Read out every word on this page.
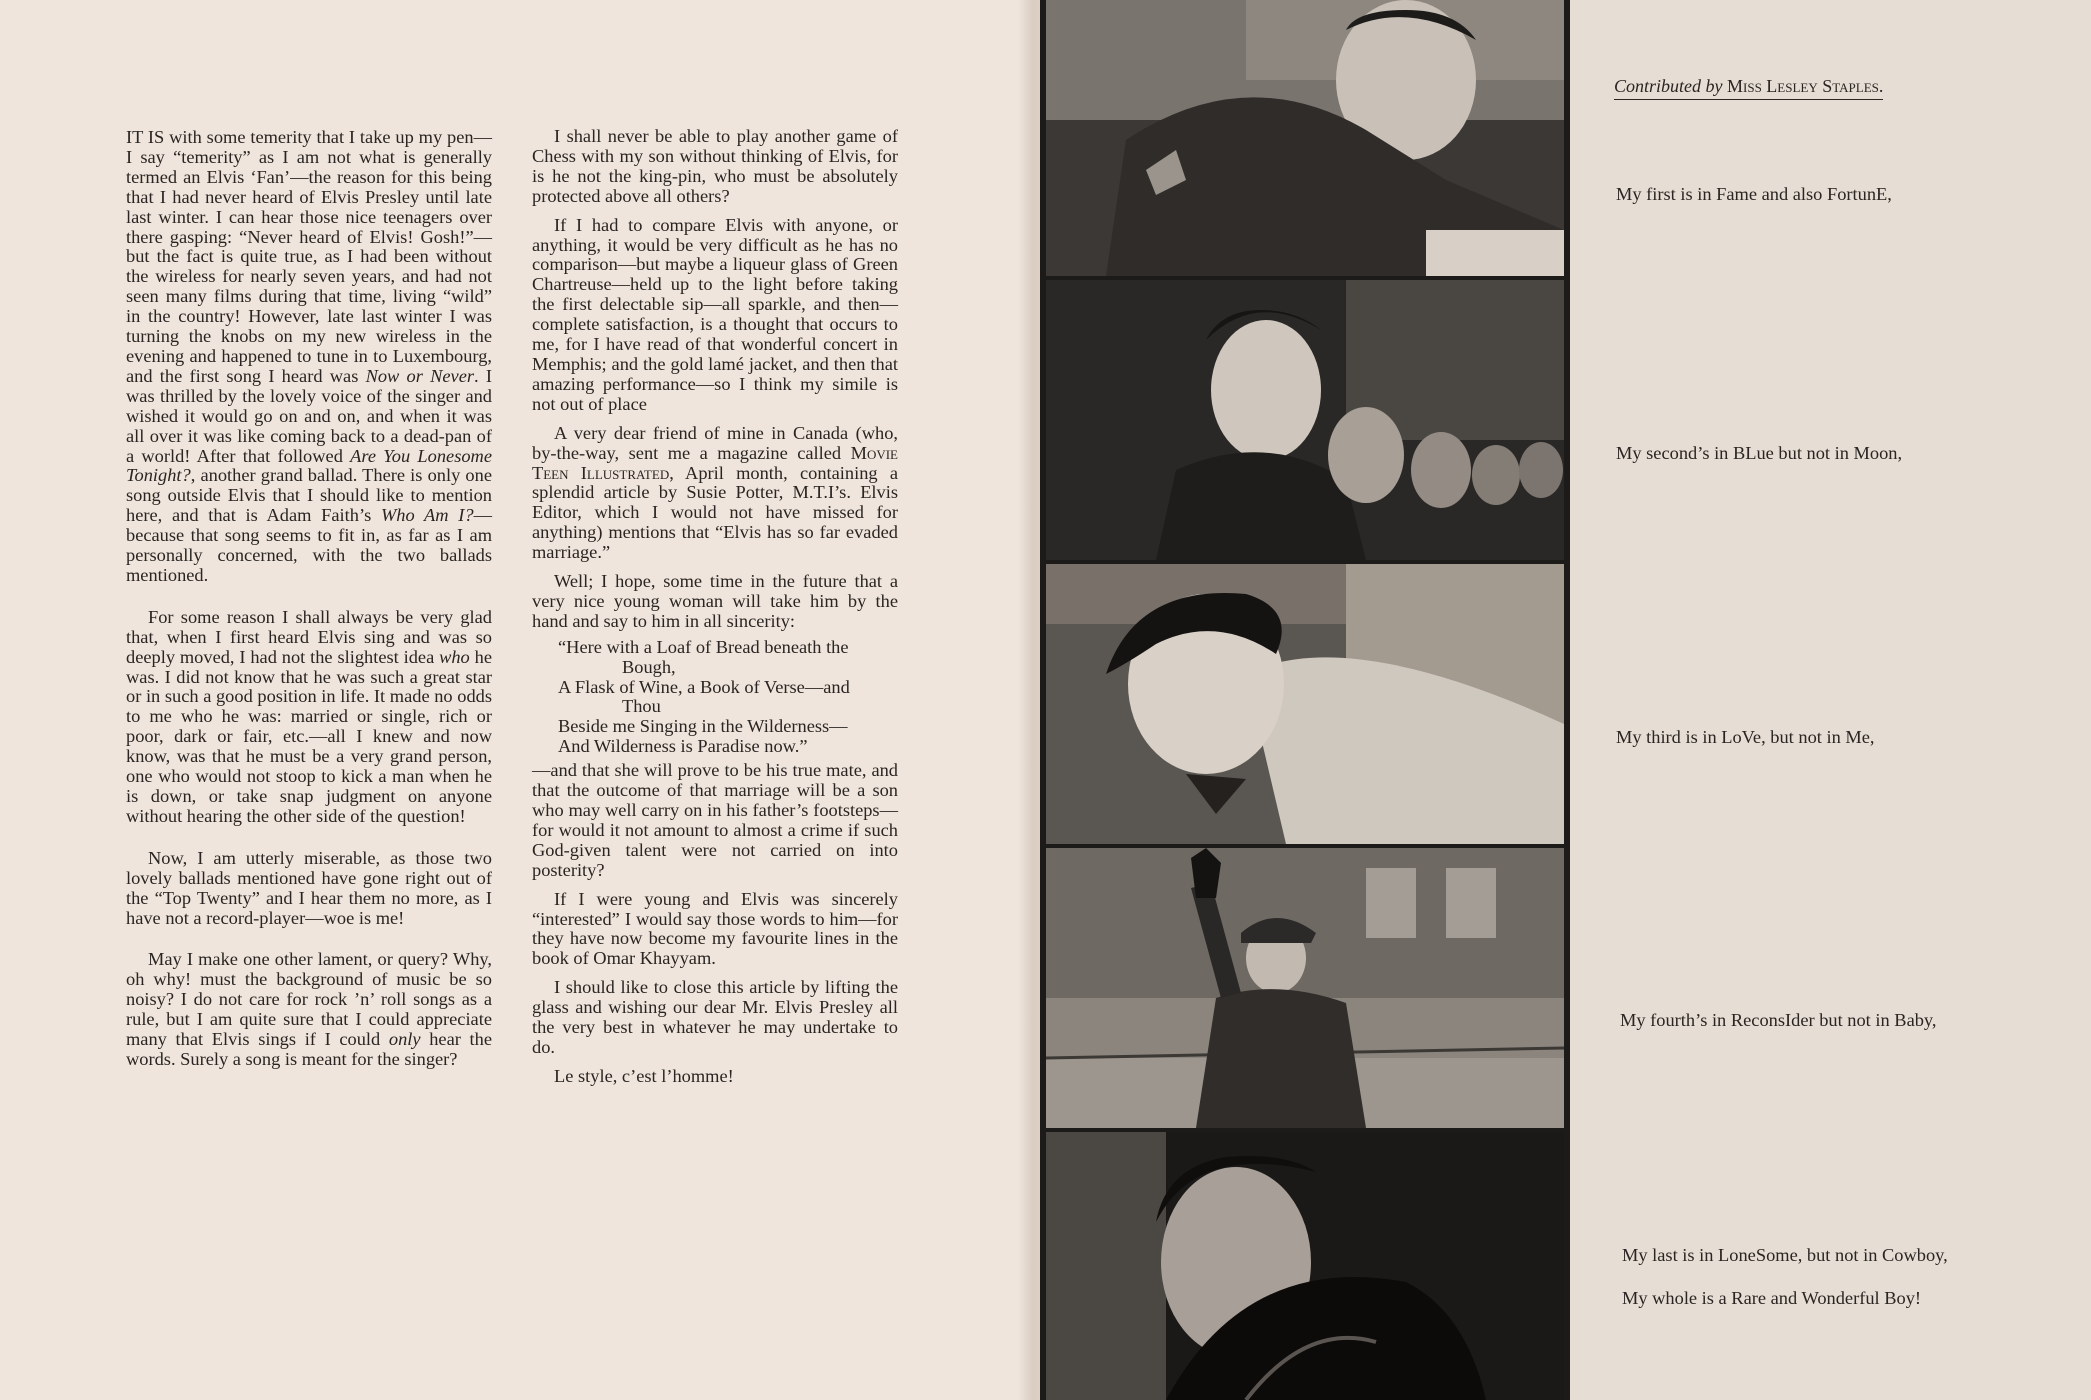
IT IS with some temerity that I take up my pen—I say “temerity” as I am not what is generally termed an Elvis ‘Fan’—the reason for this being that I had never heard of Elvis Presley until late last winter. I can hear those nice teenagers over there gasping: “Never heard of Elvis! Gosh!”—but the fact is quite true, as I had been without the wireless for nearly seven years, and had not seen many films during that time, living “wild” in the country! However, late last winter I was turning the knobs on my new wireless in the evening and happened to tune in to Luxembourg, and the first song I heard was Now or Never. I was thrilled by the lovely voice of the singer and wished it would go on and on, and when it was all over it was like coming back to a dead-pan of a world! After that followed Are You Lonesome Tonight?, another grand ballad. There is only one song outside Elvis that I should like to mention here, and that is Adam Faith’s Who Am I?—because that song seems to fit in, as far as I am personally concerned, with the two ballads mentioned.

For some reason I shall always be very glad that, when I first heard Elvis sing and was so deeply moved, I had not the slightest idea who he was. I did not know that he was such a great star or in such a good position in life. It made no odds to me who he was: married or single, rich or poor, dark or fair, etc.—all I knew and now know, was that he must be a very grand person, one who would not stoop to kick a man when he is down, or take snap judgment on anyone without hearing the other side of the question!

Now, I am utterly miserable, as those two lovely ballads mentioned have gone right out of the “Top Twenty” and I hear them no more, as I have not a record-player—woe is me!

May I make one other lament, or query? Why, oh why! must the background of music be so noisy? I do not care for rock ’n’ roll songs as a rule, but I am quite sure that I could appreciate many that Elvis sings if I could only hear the words. Surely a song is meant for the singer?

I shall never be able to play another game of Chess with my son without thinking of Elvis, for is he not the king-pin, who must be absolutely protected above all others?

If I had to compare Elvis with anyone, or anything, it would be very difficult as he has no comparison—but maybe a liqueur glass of Green Chartreuse—held up to the light before taking the first delectable sip—all sparkle, and then—complete satisfaction, is a thought that occurs to me, for I have read of that wonderful concert in Memphis; and the gold lamé jacket, and then that amazing performance—so I think my simile is not out of place

A very dear friend of mine in Canada (who, by-the-way, sent me a magazine called Movie Teen Illustrated, April month, containing a splendid article by Susie Potter, M.T.I’s. Elvis Editor, which I would not have missed for anything) mentions that “Elvis has so far evaded marriage.”

Well; I hope, some time in the future that a very nice young woman will take him by the hand and say to him in all sincerity:

“Here with a Loaf of Bread beneath the
Bough,
A Flask of Wine, a Book of Verse—and
Thou
Beside me Singing in the Wilderness—
And Wilderness is Paradise now.”

—and that she will prove to be his true mate, and that the outcome of that marriage will be a son who may well carry on in his father’s footsteps—for would it not amount to almost a crime if such God-given talent were not carried on into posterity?

If I were young and Elvis was sincerely “interested” I would say those words to him—for they have now become my favourite lines in the book of Omar Khayyam.

I should like to close this article by lifting the glass and wishing our dear Mr. Elvis Presley all the very best in whatever he may undertake to do.

Le style, c’est l’homme!

Contributed by Miss Lesley Staples.
My first is in Fame and also FortunE,
My second’s in BLue but not in Moon,
My third is in LoVe, but not in Me,
My fourth’s in ReconsIder but not in Baby,
My last is in LoneSome, but not in Cowboy,
My whole is a Rare and Wonderful Boy!
